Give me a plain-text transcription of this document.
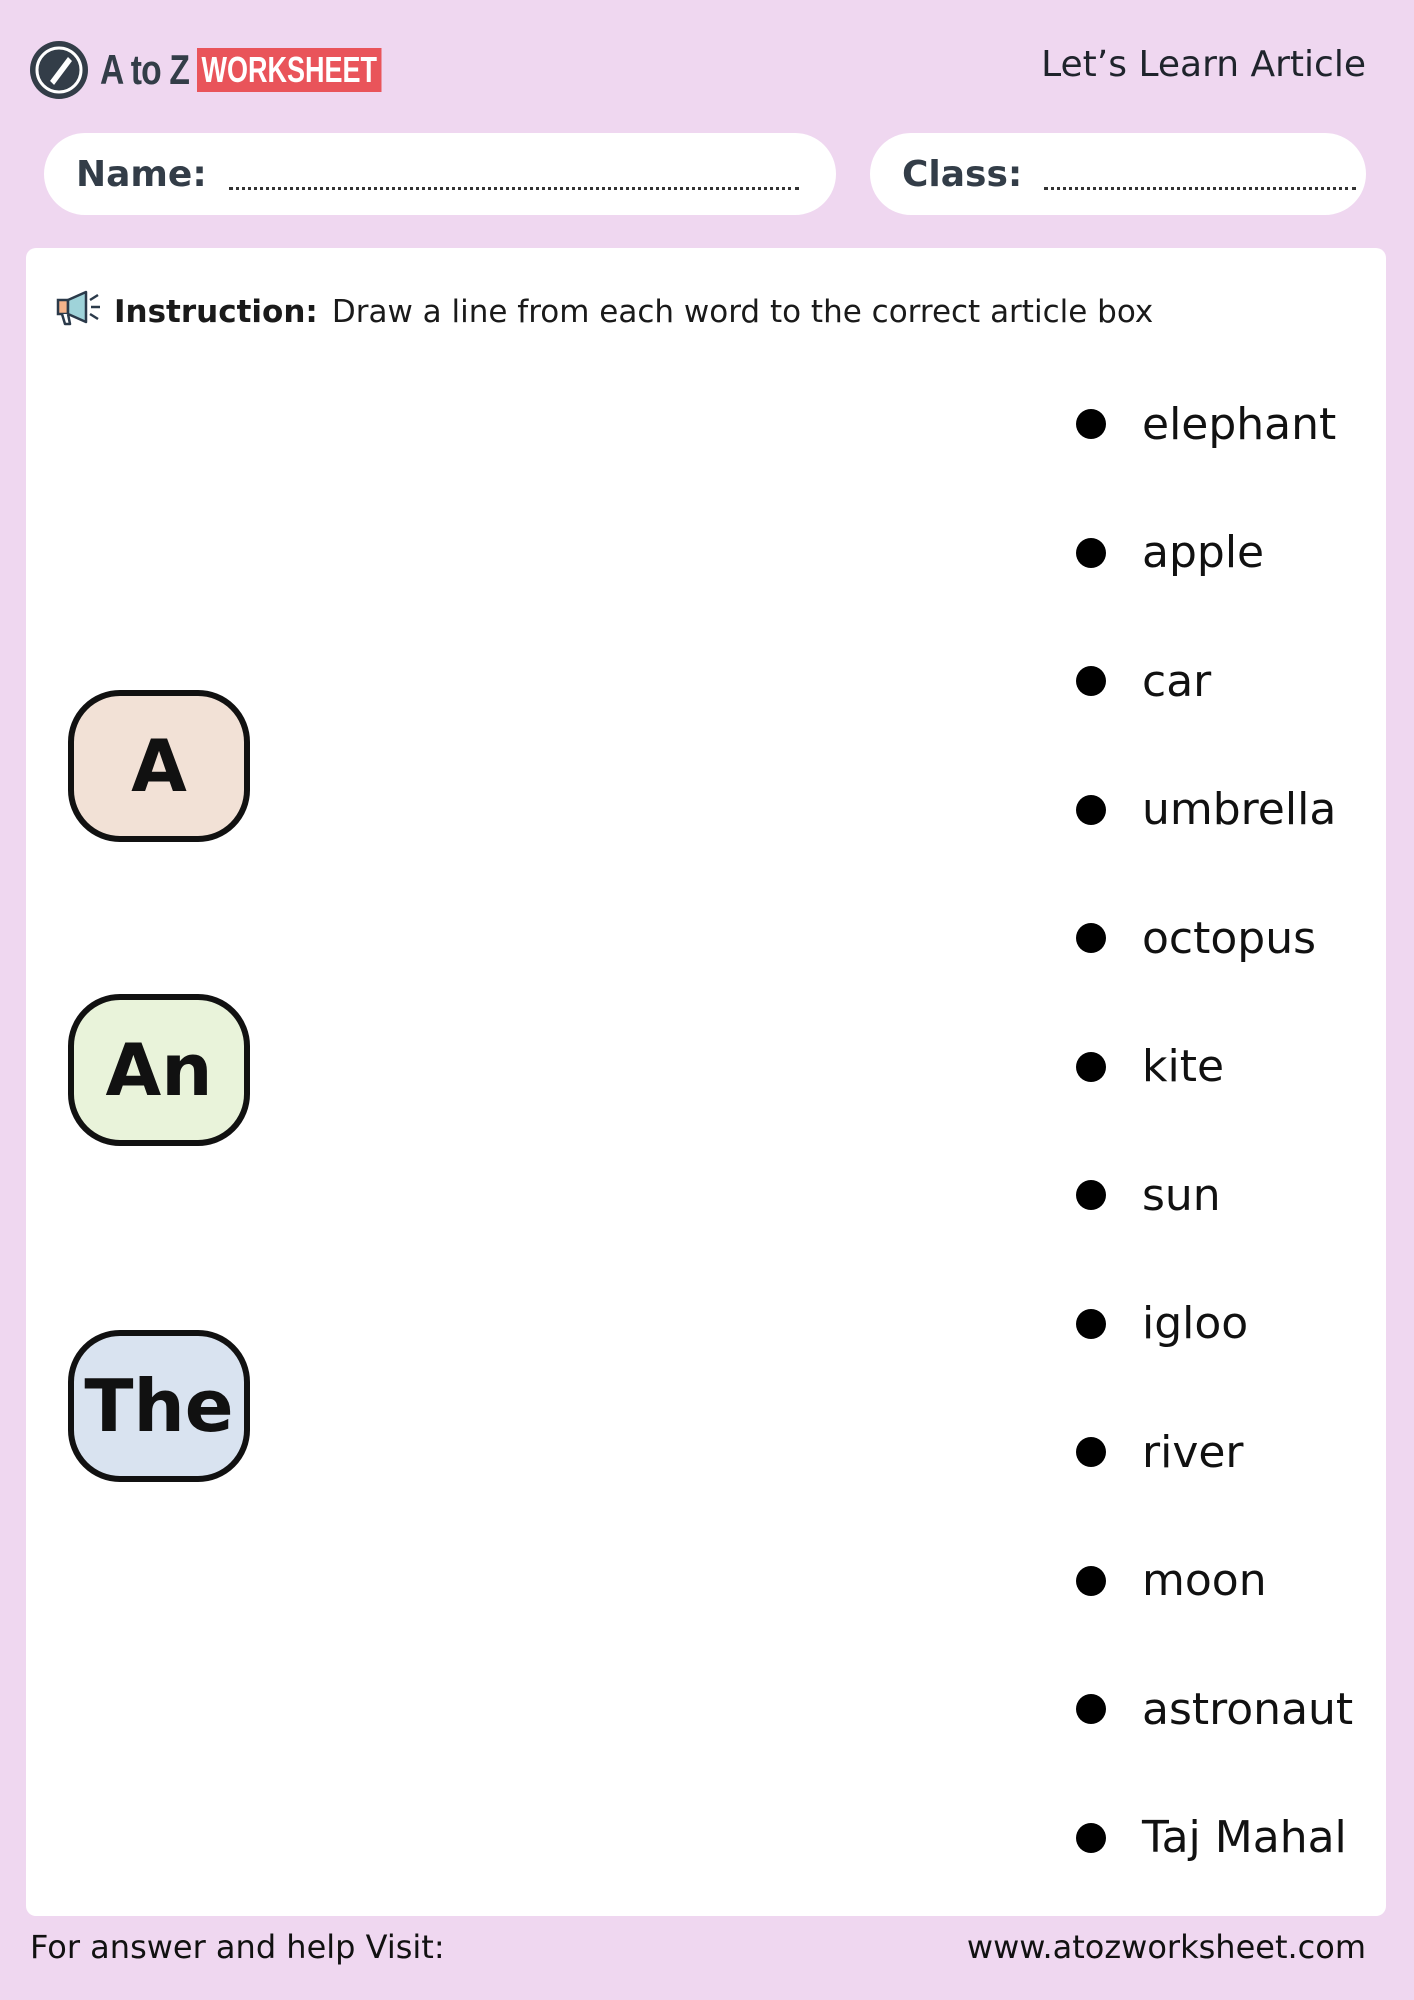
A to Z WORKSHEET	Let’s Learn Article
Name:	Class:
Instruction: Draw a line from each word to the correct article box
A
An
The
elephant
apple
car
umbrella
octopus
kite
sun
igloo
river
moon
astronaut
Taj Mahal
For answer and help Visit:	www.atozworksheet.com
